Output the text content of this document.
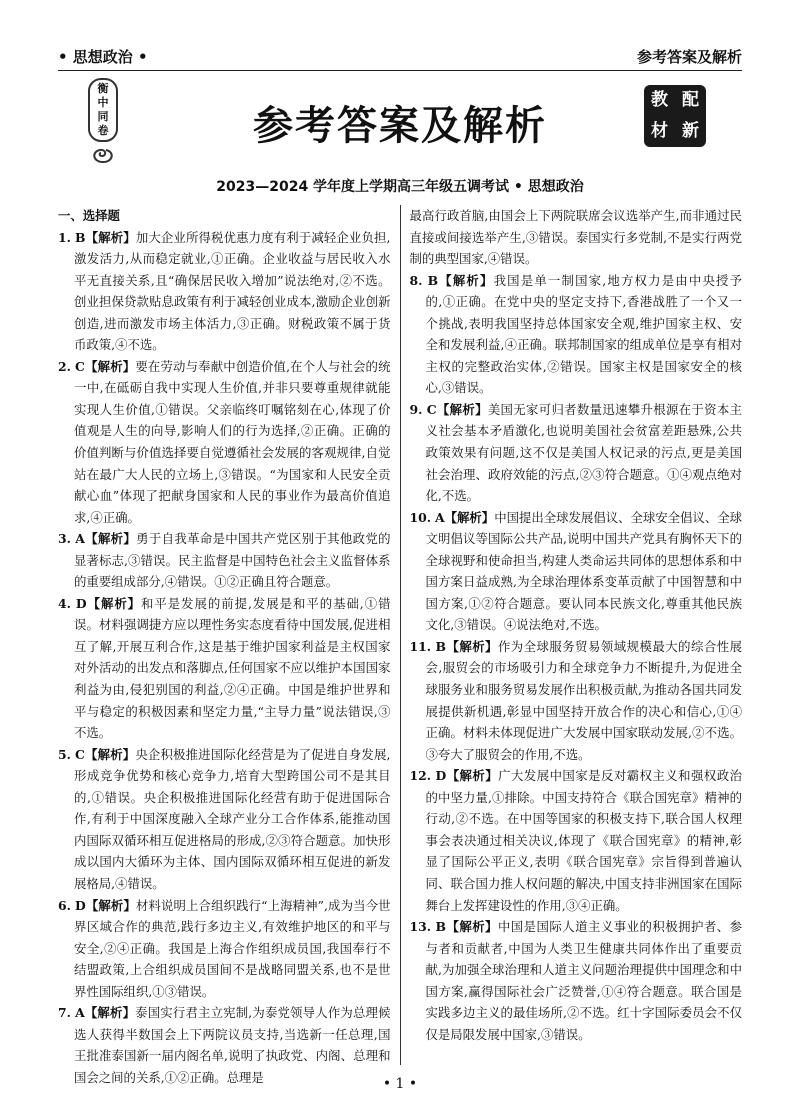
• 思想政治 •	参考答案及解析
衡
中
同
卷	参考答案及解析
教 配
材 新
2023—2024 学年度上学期高三年级五调考试 • 思想政治
一、选择题

1. B【解析】加大企业所得税优惠力度有利于减轻企业负担,激发活力,从而稳定就业,①正确。企业收益与居民收入水平无直接关系,且“确保居民收入增加”说法绝对,②不选。创业担保贷款贴息政策有利于减轻创业成本,激励企业创新创造,进而激发市场主体活力,③正确。财税政策不属于货币政策,④不选。

2. C【解析】要在劳动与奉献中创造价值,在个人与社会的统一中,在砥砺自我中实现人生价值,并非只要尊重规律就能实现人生价值,①错误。父亲临终叮嘱铭刻在心,体现了价值观是人生的向导,影响人们的行为选择,②正确。正确的价值判断与价值选择要自觉遵循社会发展的客观规律,自觉站在最广大人民的立场上,③错误。“为国家和人民安全贡献心血”体现了把献身国家和人民的事业作为最高价值追求,④正确。

3. A【解析】勇于自我革命是中国共产党区别于其他政党的显著标志,③错误。民主监督是中国特色社会主义监督体系的重要组成部分,④错误。①②正确且符合题意。

4. D【解析】和平是发展的前提,发展是和平的基础,①错误。材料强调捷方应以理性务实态度看待中国发展,促进相互了解,开展互利合作,这是基于维护国家利益是主权国家对外活动的出发点和落脚点,任何国家不应以维护本国国家利益为由,侵犯别国的利益,②④正确。中国是维护世界和平与稳定的积极因素和坚定力量,“主导力量”说法错误,③不选。

5. C【解析】央企积极推进国际化经营是为了促进自身发展,形成竞争优势和核心竞争力,培育大型跨国公司不是其目的,①错误。央企积极推进国际化经营有助于促进国际合作,有利于中国深度融入全球产业分工合作体系,能推动国内国际双循环相互促进格局的形成,②③符合题意。加快形成以国内大循环为主体、国内国际双循环相互促进的新发展格局,④错误。

6. D【解析】材料说明上合组织践行“上海精神”,成为当今世界区域合作的典范,践行多边主义,有效维护地区的和平与安全,②④正确。我国是上海合作组织成员国,我国奉行不结盟政策,上合组织成员国间不是战略同盟关系,也不是世界性国际组织,①③错误。

7. A【解析】泰国实行君主立宪制,为泰党领导人作为总理候选人获得半数国会上下两院议员支持,当选新一任总理,国王批准泰国新一届内阁名单,说明了执政党、内阁、总理和国会之间的关系,①②正确。总理是

最高行政首脑,由国会上下两院联席会议选举产生,而非通过民直接或间接选举产生,③错误。泰国实行多党制,不是实行两党制的典型国家,④错误。

8. B【解析】我国是单一制国家,地方权力是由中央授予的,①正确。在党中央的坚定支持下,香港战胜了一个又一个挑战,表明我国坚持总体国家安全观,维护国家主权、安全和发展利益,④正确。联邦制国家的组成单位是享有相对主权的完整政治实体,②错误。国家主权是国家安全的核心,③错误。

9. C【解析】美国无家可归者数量迅速攀升根源在于资本主义社会基本矛盾激化,也说明美国社会贫富差距悬殊,公共政策效果有问题,这不仅是美国人权记录的污点,更是美国社会治理、政府效能的污点,②③符合题意。①④观点绝对化,不选。

10. A【解析】中国提出全球发展倡议、全球安全倡议、全球文明倡议等国际公共产品,说明中国共产党具有胸怀天下的全球视野和使命担当,构建人类命运共同体的思想体系和中国方案日益成熟,为全球治理体系变革贡献了中国智慧和中国方案,①②符合题意。要认同本民族文化,尊重其他民族文化,③错误。④说法绝对,不选。

11. B【解析】作为全球服务贸易领域规模最大的综合性展会,服贸会的市场吸引力和全球竞争力不断提升,为促进全球服务业和服务贸易发展作出积极贡献,为推动各国共同发展提供新机遇,彰显中国坚持开放合作的决心和信心,①④正确。材料未体现促进广大发展中国家联动发展,②不选。③夸大了服贸会的作用,不选。

12. D【解析】广大发展中国家是反对霸权主义和强权政治的中坚力量,①排除。中国支持符合《联合国宪章》精神的行动,②不选。在中国等国家的积极支持下,联合国人权理事会表决通过相关决议,体现了《联合国宪章》的精神,彰显了国际公平正义,表明《联合国宪章》宗旨得到普遍认同、联合国力推人权问题的解决,中国支持非洲国家在国际舞台上发挥建设性的作用,③④正确。

13. B【解析】中国是国际人道主义事业的积极拥护者、参与者和贡献者,中国为人类卫生健康共同体作出了重要贡献,为加强全球治理和人道主义问题治理提供中国理念和中国方案,赢得国际社会广泛赞誉,①④符合题意。联合国是实践多边主义的最佳场所,②不选。红十字国际委员会不仅仅是局限发展中国家,③错误。

• 1 •
